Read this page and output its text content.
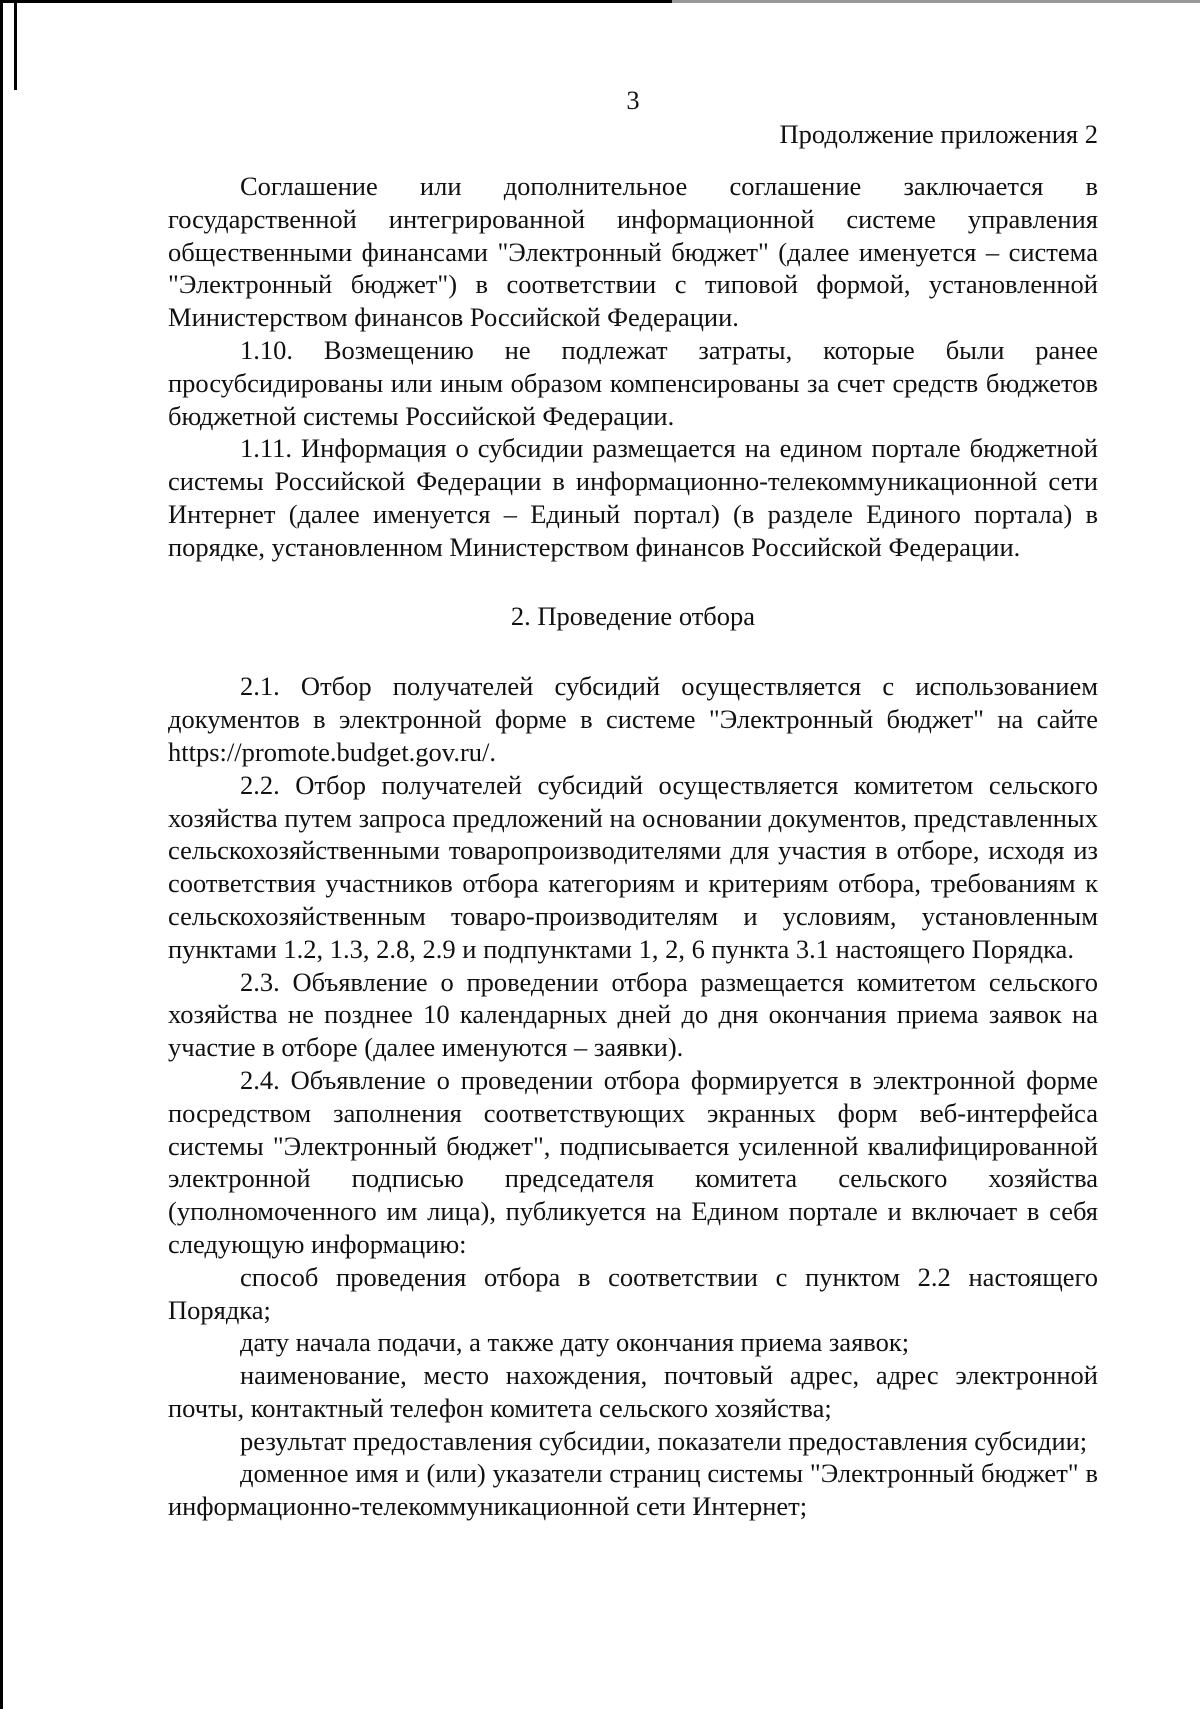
3
Продолжение приложения 2

Соглашение или дополнительное соглашение заключается в государственной интегрированной информационной системе управления общественными финансами "Электронный бюджет" (далее именуется – система "Электронный бюджет") в соответствии с типовой формой, установленной Министерством финансов Российской Федерации.

1.10. Возмещению не подлежат затраты, которые были ранее просубсидированы или иным образом компенсированы за счет средств бюджетов бюджетной системы Российской Федерации.

1.11. Информация о субсидии размещается на едином портале бюджетной системы Российской Федерации в информационно-телекоммуникационной сети Интернет (далее именуется – Единый портал) (в разделе Единого портала) в порядке, установленном Министерством финансов Российской Федерации.

2. Проведение отбора

2.1. Отбор получателей субсидий осуществляется с использованием документов в электронной форме в системе "Электронный бюджет" на сайте https://promote.budget.gov.ru/.

2.2. Отбор получателей субсидий осуществляется комитетом сельского хозяйства путем запроса предложений на основании документов, представленных сельскохозяйственными товаропроизводителями для участия в отборе, исходя из соответствия участников отбора категориям и критериям отбора, требованиям к сельскохозяйственным товаро-производителям и условиям, установленным пунктами 1.2, 1.3, 2.8, 2.9 и подпунктами 1, 2, 6 пункта 3.1 настоящего Порядка.

2.3. Объявление о проведении отбора размещается комитетом сельского хозяйства не позднее 10 календарных дней до дня окончания приема заявок на участие в отборе (далее именуются – заявки).

2.4. Объявление о проведении отбора формируется в электронной форме посредством заполнения соответствующих экранных форм веб-интерфейса системы "Электронный бюджет", подписывается усиленной квалифицированной электронной подписью председателя комитета сельского хозяйства (уполномоченного им лица), публикуется на Едином портале и включает в себя следующую информацию:

способ проведения отбора в соответствии с пунктом 2.2 настоящего Порядка;

дату начала подачи, а также дату окончания приема заявок;

наименование, место нахождения, почтовый адрес, адрес электронной почты, контактный телефон комитета сельского хозяйства;

результат предоставления субсидии, показатели предоставления субсидии;

доменное имя и (или) указатели страниц системы "Электронный бюджет" в информационно-телекоммуникационной сети Интернет;
